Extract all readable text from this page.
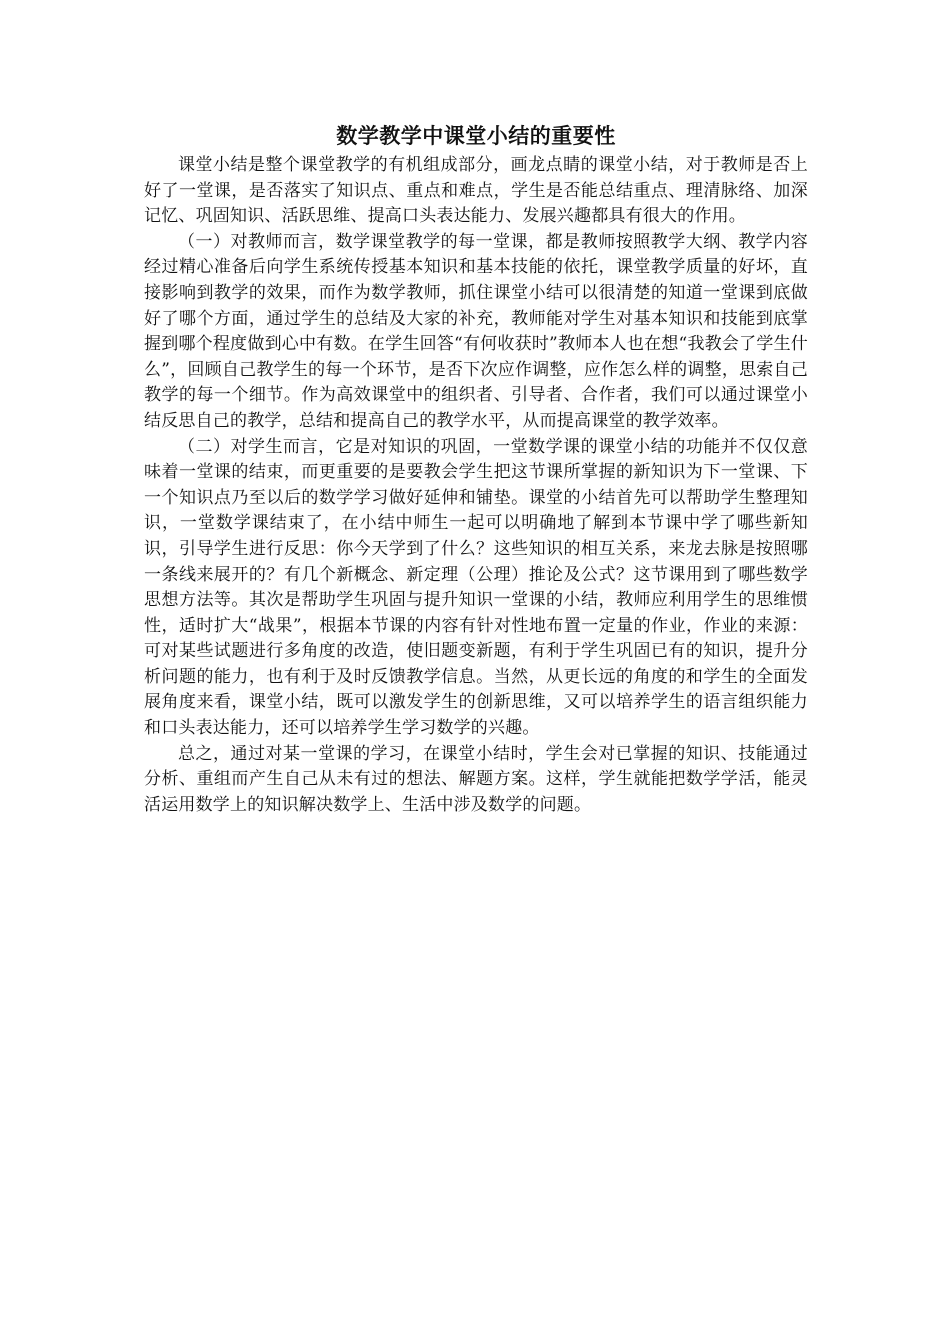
数学教学中课堂小结的重要性

课堂小结是整个课堂教学的有机组成部分，画龙点睛的课堂小结，对于教师是否上好了一堂课，是否落实了知识点、重点和难点，学生是否能总结重点、理清脉络、加深记忆、巩固知识、活跃思维、提高口头表达能力、发展兴趣都具有很大的作用。

（一）对教师而言，数学课堂教学的每一堂课，都是教师按照教学大纲、教学内容经过精心准备后向学生系统传授基本知识和基本技能的依托，课堂教学质量的好坏，直接影响到教学的效果，而作为数学教师，抓住课堂小结可以很清楚的知道一堂课到底做好了哪个方面，通过学生的总结及大家的补充，教师能对学生对基本知识和技能到底掌握到哪个程度做到心中有数。在学生回答“有何收获时”教师本人也在想“我教会了学生什么”，回顾自己教学生的每一个环节，是否下次应作调整，应作怎么样的调整，思索自己教学的每一个细节。作为高效课堂中的组织者、引导者、合作者，我们可以通过课堂小结反思自己的教学，总结和提高自己的教学水平，从而提高课堂的教学效率。

（二）对学生而言，它是对知识的巩固，一堂数学课的课堂小结的功能并不仅仅意味着一堂课的结束，而更重要的是要教会学生把这节课所掌握的新知识为下一堂课、下一个知识点乃至以后的数学学习做好延伸和铺垫。课堂的小结首先可以帮助学生整理知识，一堂数学课结束了，在小结中师生一起可以明确地了解到本节课中学了哪些新知识，引导学生进行反思：你今天学到了什么？这些知识的相互关系，来龙去脉是按照哪一条线来展开的？有几个新概念、新定理（公理）推论及公式？这节课用到了哪些数学思想方法等。其次是帮助学生巩固与提升知识一堂课的小结，教师应利用学生的思维惯性，适时扩大“战果”，根据本节课的内容有针对性地布置一定量的作业，作业的来源：可对某些试题进行多角度的改造，使旧题变新题，有利于学生巩固已有的知识，提升分析问题的能力，也有利于及时反馈教学信息。当然，从更长远的角度的和学生的全面发展角度来看，课堂小结，既可以激发学生的创新思维，又可以培养学生的语言组织能力和口头表达能力，还可以培养学生学习数学的兴趣。

总之，通过对某一堂课的学习，在课堂小结时，学生会对已掌握的知识、技能通过分析、重组而产生自己从未有过的想法、解题方案。这样，学生就能把数学学活，能灵活运用数学上的知识解决数学上、生活中涉及数学的问题。
